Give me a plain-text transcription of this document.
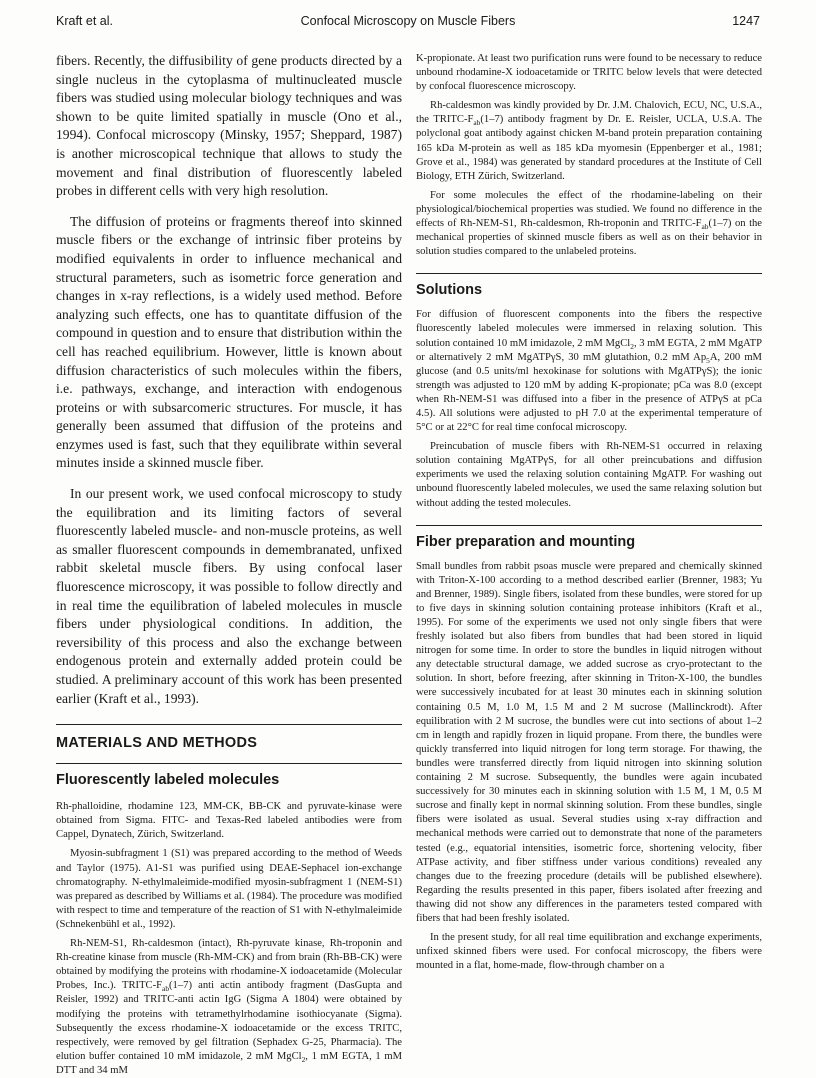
Kraft et al.	Confocal Microscopy on Muscle Fibers	1247

fibers. Recently, the diffusibility of gene products directed by a single nucleus in the cytoplasma of multinucleated muscle fibers was studied using molecular biology techniques and was shown to be quite limited spatially in muscle (Ono et al., 1994). Confocal microscopy (Minsky, 1957; Sheppard, 1987) is another microscopical technique that allows to study the movement and final distribution of fluorescently labeled probes in different cells with very high resolution.

The diffusion of proteins or fragments thereof into skinned muscle fibers or the exchange of intrinsic fiber proteins by modified equivalents in order to influence mechanical and structural parameters, such as isometric force generation and changes in x-ray reflections, is a widely used method. Before analyzing such effects, one has to quantitate diffusion of the compound in question and to ensure that distribution within the cell has reached equilibrium. However, little is known about diffusion characteristics of such molecules within the fibers, i.e. pathways, exchange, and interaction with endogenous proteins or with subsarcomeric structures. For muscle, it has generally been assumed that diffusion of the proteins and enzymes used is fast, such that they equilibrate within several minutes inside a skinned muscle fiber.

In our present work, we used confocal microscopy to study the equilibration and its limiting factors of several fluorescently labeled muscle- and non-muscle proteins, as well as smaller fluorescent compounds in demembranated, unfixed rabbit skeletal muscle fibers. By using confocal laser fluorescence microscopy, it was possible to follow directly and in real time the equilibration of labeled molecules in muscle fibers under physiological conditions. In addition, the reversibility of this process and also the exchange between endogenous protein and externally added protein could be studied. A preliminary account of this work has been presented earlier (Kraft et al., 1993).

MATERIALS AND METHODS
Fluorescently labeled molecules

Rh-phalloidine, rhodamine 123, MM-CK, BB-CK and pyruvate-kinase were obtained from Sigma. FITC- and Texas-Red labeled antibodies were from Cappel, Dynatech, Zürich, Switzerland.

Myosin-subfragment 1 (S1) was prepared according to the method of Weeds and Taylor (1975). A1-S1 was purified using DEAE-Sephacel ion-exchange chromatography. N-ethylmaleimide-modified myosin-subfragment 1 (NEM-S1) was prepared as described by Williams et al. (1984). The procedure was modified with respect to time and temperature of the reaction of S1 with N-ethylmaleimide (Schnekenbühl et al., 1992).

Rh-NEM-S1, Rh-caldesmon (intact), Rh-pyruvate kinase, Rh-troponin and Rh-creatine kinase from muscle (Rh-MM-CK) and from brain (Rh-BB-CK) were obtained by modifying the proteins with rhodamine-X iodoacetamide (Molecular Probes, Inc.). TRITC-$F_{ab}(1-7)$ anti actin antibody fragment (DasGupta and Reisler, 1992) and TRITC-anti actin IgG (Sigma A 1804) were obtained by modifying the proteins with tetramethylrhodamine isothiocyanate (Sigma). Subsequently the excess rhodamine-X iodoacetamide or the excess TRITC, respectively, were removed by gel filtration (Sephadex G-25, Pharmacia). The elution buffer contained 10 mM imidazole, 2 mM MgCl$_2$, 1 mM EGTA, 1 mM DTT and 34 mM

K-propionate. At least two purification runs were found to be necessary to reduce unbound rhodamine-X iodoacetamide or TRITC below levels that were detected by confocal fluorescence microscopy.

Rh-caldesmon was kindly provided by Dr. J.M. Chalovich, ECU, NC, U.S.A., the TRITC-$F_{ab}(1-7)$ antibody fragment by Dr. E. Reisler, UCLA, U.S.A. The polyclonal goat antibody against chicken M-band protein preparation containing 165 kDa M-protein as well as 185 kDa myomesin (Eppenberger et al., 1981; Grove et al., 1984) was generated by standard procedures at the Institute of Cell Biology, ETH Zürich, Switzerland.

For some molecules the effect of the rhodamine-labeling on their physiological/biochemical properties was studied. We found no difference in the effects of Rh-NEM-S1, Rh-caldesmon, Rh-troponin and TRITC-$F_{ab}(1-7)$ on the mechanical properties of skinned muscle fibers as well as on their behavior in solution studies compared to the unlabeled proteins.

Solutions

For diffusion of fluorescent components into the fibers the respective fluorescently labeled molecules were immersed in relaxing solution. This solution contained 10 mM imidazole, 2 mM MgCl$_2$, 3 mM EGTA, 2 mM MgATP or alternatively 2 mM MgATPγS, 30 mM glutathion, 0.2 mM $Ap_5A$, 200 mM glucose (and 0.5 units/ml hexokinase for solutions with MgATPγS); the ionic strength was adjusted to 120 mM by adding K-propionate; pCa was 8.0 (except when Rh-NEM-S1 was diffused into a fiber in the presence of ATPγS at pCa 4.5). All solutions were adjusted to pH 7.0 at the experimental temperature of 5°C or at 22°C for real time confocal microscopy.

Preincubation of muscle fibers with Rh-NEM-S1 occurred in relaxing solution containing MgATPγS, for all other preincubations and diffusion experiments we used the relaxing solution containing MgATP. For washing out unbound fluorescently labeled molecules, we used the same relaxing solution but without adding the tested molecules.

Fiber preparation and mounting

Small bundles from rabbit psoas muscle were prepared and chemically skinned with Triton-X-100 according to a method described earlier (Brenner, 1983; Yu and Brenner, 1989). Single fibers, isolated from these bundles, were stored for up to five days in skinning solution containing protease inhibitors (Kraft et al., 1995). For some of the experiments we used not only single fibers that were freshly isolated but also fibers from bundles that had been stored in liquid nitrogen for some time. In order to store the bundles in liquid nitrogen without any detectable structural damage, we added sucrose as cryo-protectant to the solution. In short, before freezing, after skinning in Triton-X-100, the bundles were successively incubated for at least 30 minutes each in skinning solution containing 0.5 M, 1.0 M, 1.5 M and 2 M sucrose (Mallinckrodt). After equilibration with 2 M sucrose, the bundles were cut into sections of about 1–2 cm in length and rapidly frozen in liquid propane. From there, the bundles were quickly transferred into liquid nitrogen for long term storage. For thawing, the bundles were transferred directly from liquid nitrogen into skinning solution containing 2 M sucrose. Subsequently, the bundles were again incubated successively for 30 minutes each in skinning solution with 1.5 M, 1 M, 0.5 M sucrose and finally kept in normal skinning solution. From these bundles, single fibers were isolated as usual. Several studies using x-ray diffraction and mechanical methods were carried out to demonstrate that none of the parameters tested (e.g., equatorial intensities, isometric force, shortening velocity, fiber ATPase activity, and fiber stiffness under various conditions) revealed any changes due to the freezing procedure (details will be published elsewhere). Regarding the results presented in this paper, fibers isolated after freezing and thawing did not show any differences in the parameters tested compared with fibers that had been freshly isolated.

In the present study, for all real time equilibration and exchange experiments, unfixed skinned fibers were used. For confocal microscopy, the fibers were mounted in a flat, home-made, flow-through chamber on a
